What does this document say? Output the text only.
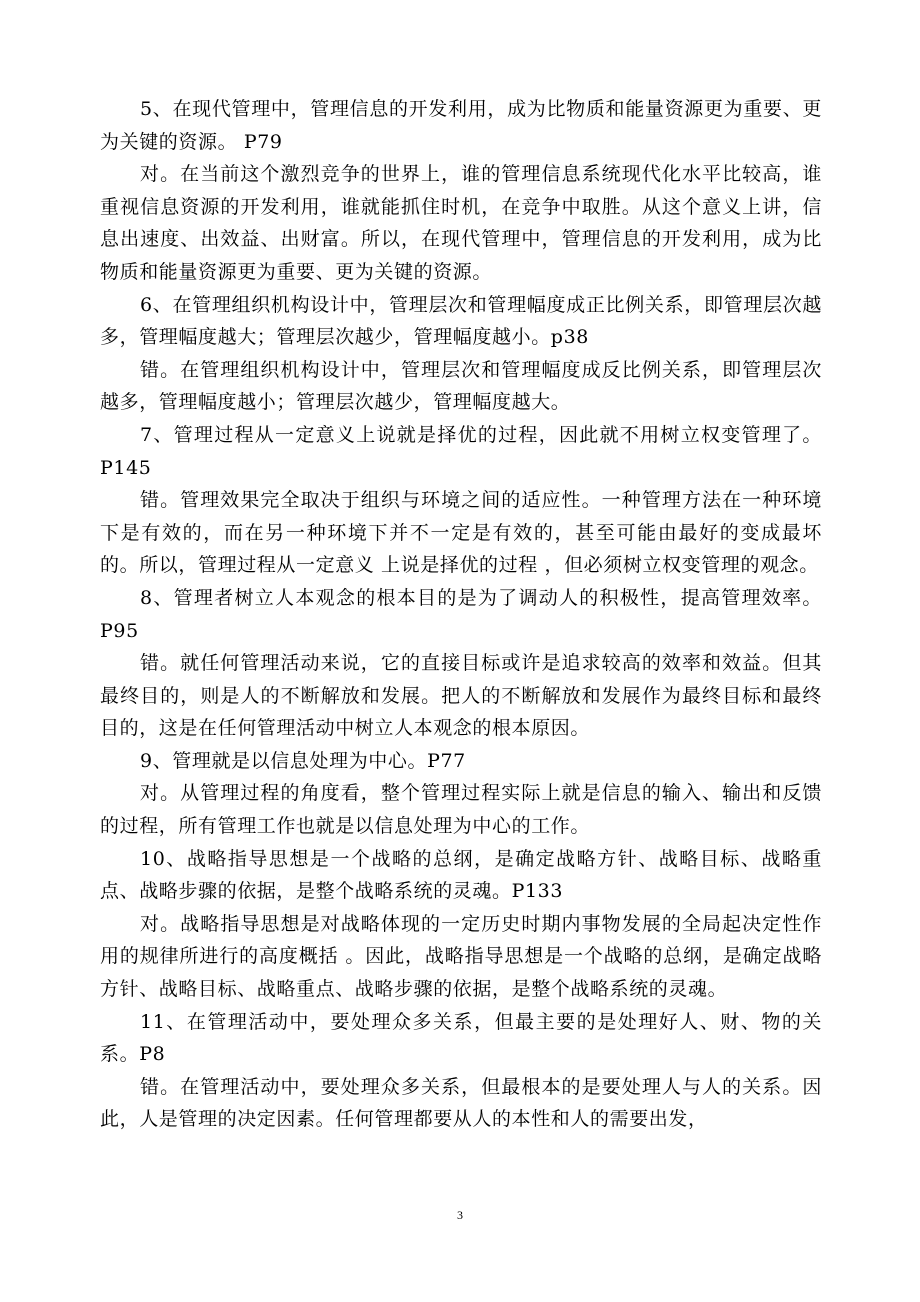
5、在现代管理中，管理信息的开发利用，成为比物质和能量资源更为重要、更为关键的资源。 P79

对。在当前这个激烈竞争的世界上，谁的管理信息系统现代化水平比较高，谁重视信息资源的开发利用，谁就能抓住时机，在竞争中取胜。从这个意义上讲，信息出速度、出效益、出财富。所以，在现代管理中，管理信息的开发利用，成为比物质和能量资源更为重要、更为关键的资源。

6、在管理组织机构设计中，管理层次和管理幅度成正比例关系，即管理层次越多，管理幅度越大；管理层次越少，管理幅度越小。p38

错。在管理组织机构设计中，管理层次和管理幅度成反比例关系，即管理层次越多，管理幅度越小；管理层次越少，管理幅度越大。

7、管理过程从一定意义上说就是择优的过程，因此就不用树立权变管理了。P145

错。管理效果完全取决于组织与环境之间的适应性。一种管理方法在一种环境下是有效的，而在另一种环境下并不一定是有效的，甚至可能由最好的变成最坏的。所以，管理过程从一定意义 上说是择优的过程 ，但必须树立权变管理的观念。

8、管理者树立人本观念的根本目的是为了调动人的积极性，提高管理效率。P95

错。就任何管理活动来说，它的直接目标或许是追求较高的效率和效益。但其最终目的，则是人的不断解放和发展。把人的不断解放和发展作为最终目标和最终目的，这是在任何管理活动中树立人本观念的根本原因。

9、管理就是以信息处理为中心。P77

对。从管理过程的角度看，整个管理过程实际上就是信息的输入、输出和反馈的过程，所有管理工作也就是以信息处理为中心的工作。

10、战略指导思想是一个战略的总纲，是确定战略方针、战略目标、战略重点、战略步骤的依据，是整个战略系统的灵魂。P133

对。战略指导思想是对战略体现的一定历史时期内事物发展的全局起决定性作用的规律所进行的高度概括 。因此，战略指导思想是一个战略的总纲，是确定战略方针、战略目标、战略重点、战略步骤的依据，是整个战略系统的灵魂。

11、在管理活动中，要处理众多关系，但最主要的是处理好人、财、物的关系。P8

错。在管理活动中，要处理众多关系，但最根本的是要处理人与人的关系。因此，人是管理的决定因素。任何管理都要从人的本性和人的需要出发，

3
